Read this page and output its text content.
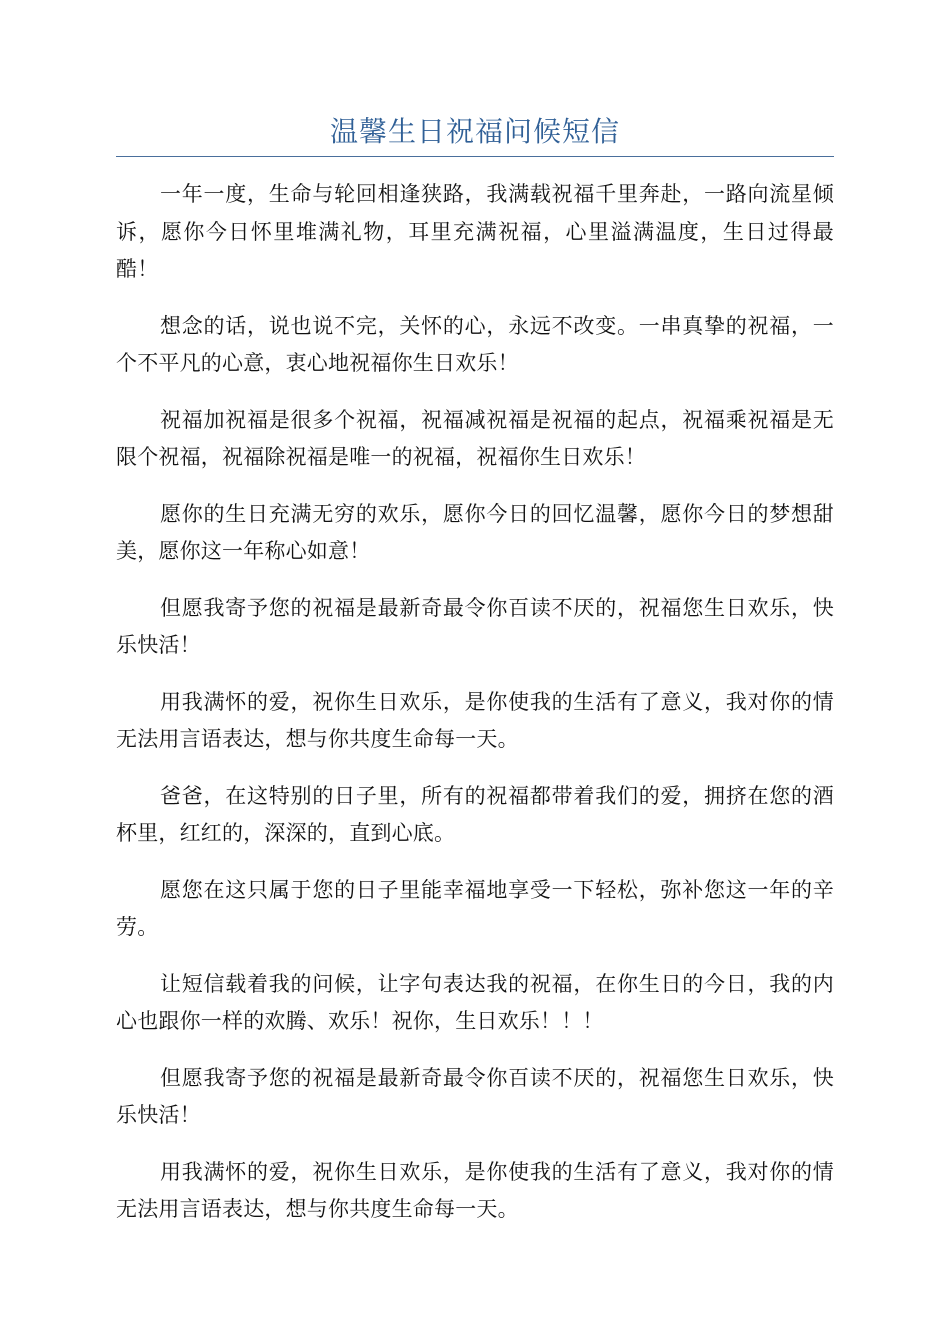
温馨生日祝福问候短信

一年一度，生命与轮回相逢狭路，我满载祝福千里奔赴，一路向流星倾诉，愿你今日怀里堆满礼物，耳里充满祝福，心里溢满温度，生日过得最酷！

想念的话，说也说不完，关怀的心，永远不改变。一串真挚的祝福，一个不平凡的心意，衷心地祝福你生日欢乐！

祝福加祝福是很多个祝福，祝福减祝福是祝福的起点，祝福乘祝福是无限个祝福，祝福除祝福是唯一的祝福，祝福你生日欢乐！

愿你的生日充满无穷的欢乐，愿你今日的回忆温馨，愿你今日的梦想甜美，愿你这一年称心如意！

但愿我寄予您的祝福是最新奇最令你百读不厌的，祝福您生日欢乐，快乐快活！

用我满怀的爱，祝你生日欢乐，是你使我的生活有了意义，我对你的情无法用言语表达，想与你共度生命每一天。

爸爸，在这特别的日子里，所有的祝福都带着我们的爱，拥挤在您的酒杯里，红红的，深深的，直到心底。

愿您在这只属于您的日子里能幸福地享受一下轻松，弥补您这一年的辛劳。

让短信载着我的问候，让字句表达我的祝福，在你生日的今日，我的内心也跟你一样的欢腾、欢乐！祝你，生日欢乐！！！

但愿我寄予您的祝福是最新奇最令你百读不厌的，祝福您生日欢乐，快乐快活！

用我满怀的爱，祝你生日欢乐，是你使我的生活有了意义，我对你的情无法用言语表达，想与你共度生命每一天。
